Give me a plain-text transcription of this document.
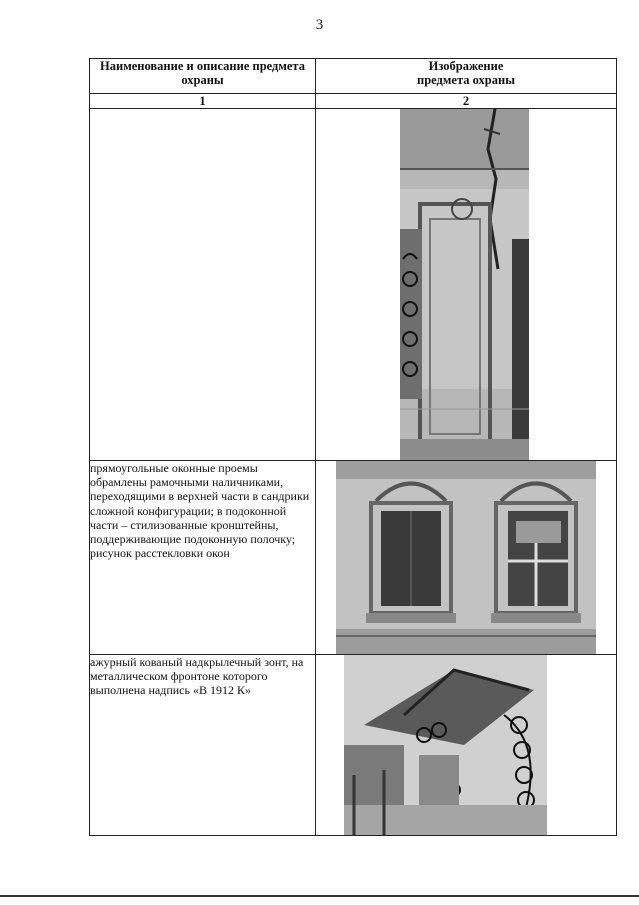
3
Наименование и описание предмета охраны	Изображение
предмета охраны
1	2

прямоугольные оконные проемы обрамлены рамочными наличниками, переходящими в верхней части в сандрики сложной конфигурации; в подоконной части – стилизованные кронштейны, поддерживающие подоконную полочку; рисунок расстекловки окон	

ажурный кованый надкрылечный зонт, на металлическом фронтоне которого выполнена надпись «В 1912 К»	
